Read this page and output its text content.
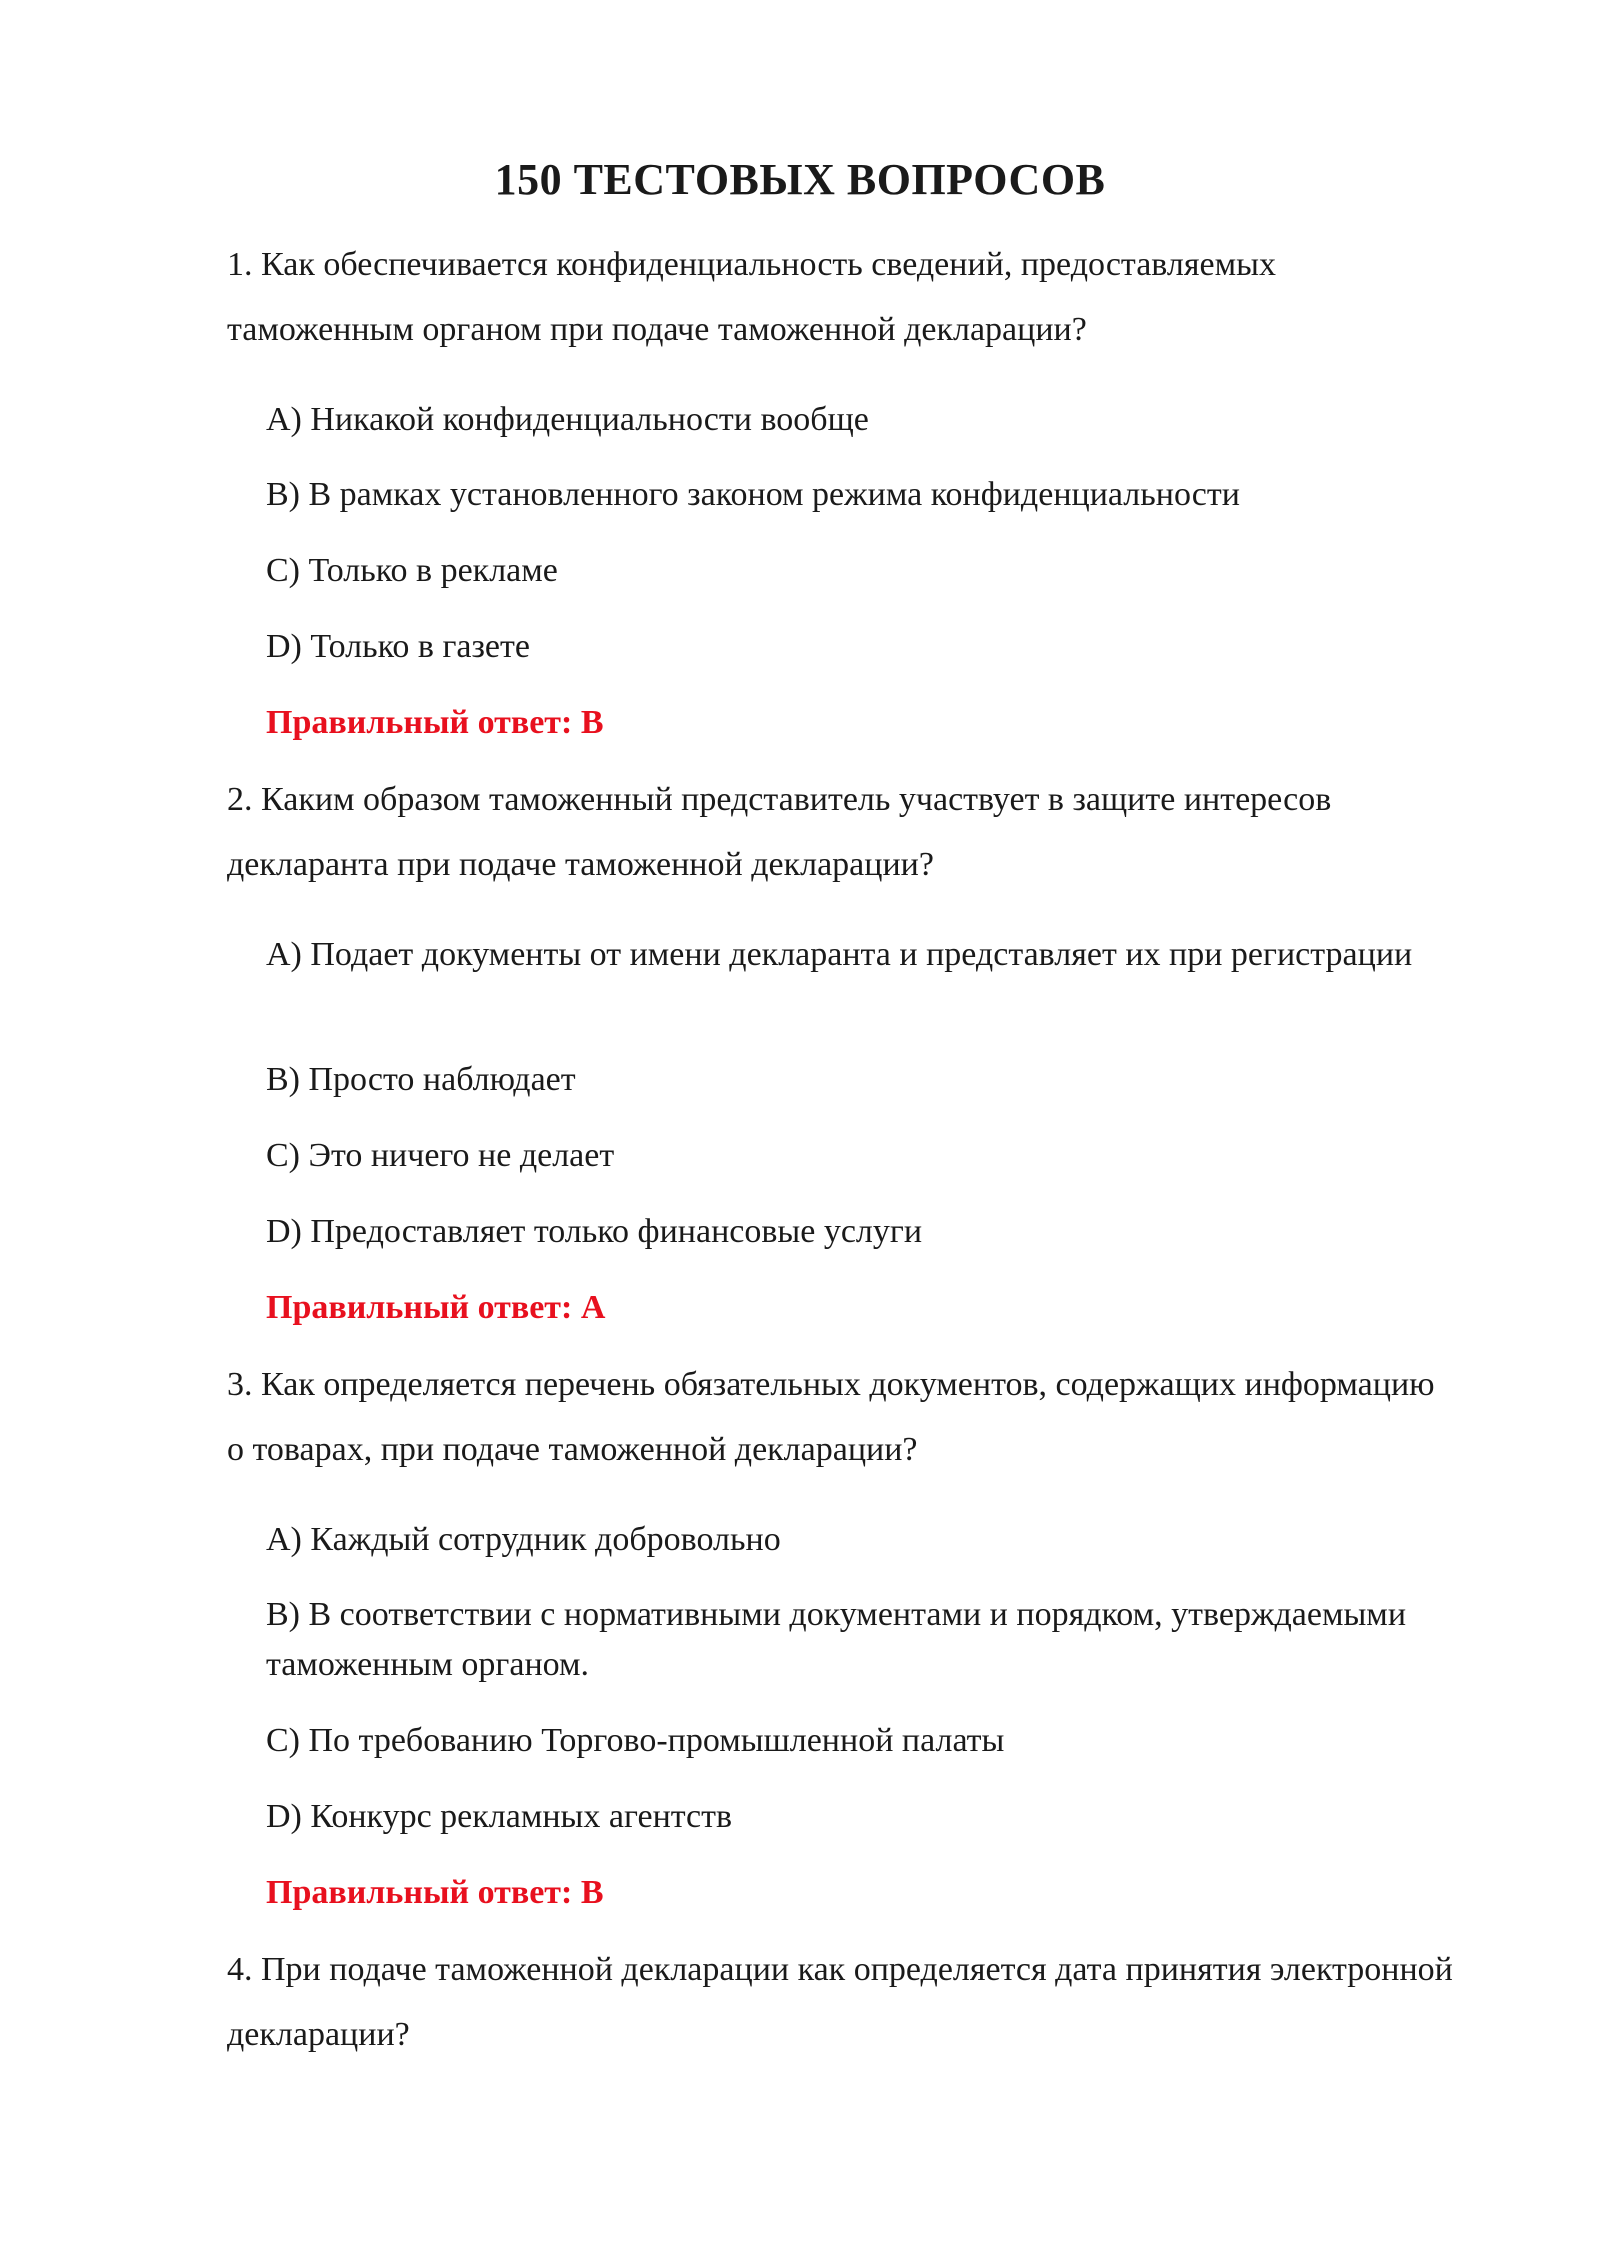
150 ТЕСТОВЫХ ВОПРОСОВ
1. Как обеспечивается конфиденциальность сведений, предоставляемых таможенным органом при подаче таможенной декларации?
A) Никакой конфиденциальности вообще
B) В рамках установленного законом режима конфиденциальности
C) Только в рекламе
D) Только в газете
Правильный ответ: B
2. Каким образом таможенный представитель участвует в защите интересов декларанта при подаче таможенной декларации?
A) Подает документы от имени декларанта и представляет их при регистрации
B) Просто наблюдает
C) Это ничего не делает
D) Предоставляет только финансовые услуги
Правильный ответ: A
3. Как определяется перечень обязательных документов, содержащих информацию о товарах, при подаче таможенной декларации?
A) Каждый сотрудник добровольно
B) В соответствии с нормативными документами и порядком, утверждаемыми таможенным органом.
C) По требованию Торгово-промышленной палаты
D) Конкурс рекламных агентств
Правильный ответ: B
4. При подаче таможенной декларации как определяется дата принятия электронной декларации?
